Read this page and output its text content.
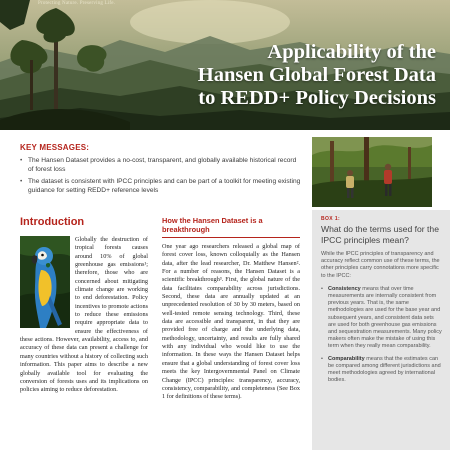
Protecting Nature. Preserving Life.
Applicability of the
Hansen Global Forest Data
to REDD+ Policy Decisions
KEY MESSAGES:
• The Hansen Dataset provides a no-cost, transparent, and globally available historical record of forest loss
• The dataset is consistent with IPCC principles and can be part of a toolkit for meeting existing guidance for setting REDD+ reference levels
Introduction

Globally the destruction of tropical forests causes around 10% of global greenhouse gas emissions¹; therefore, those who are concerned about mitigating climate change are working to end deforestation. Policy incentives to promote actions to reduce these emissions require appropriate data to ensure the effectiveness of these actions. However, availability, access to, and accuracy of these data can present a challenge for many countries without a history of collecting such information. This paper aims to describe a new globally available tool for evaluating the conversion of forests uses and its implications on policies aiming to reduce deforestation.

How the Hansen Dataset is a breakthrough

One year ago researchers released a global map of forest cover loss, known colloquially as the Hansen data, after the lead researcher, Dr. Matthew Hansen². For a number of reasons, the Hansen Dataset is a scientific breakthrough³. First, the global nature of the data facilitates comparability across jurisdictions. Second, these data are annually updated at an unprecedented resolution of 30 by 30 meters, based on well-tested remote sensing technology. Third, these data are accessible and transparent, in that they are provided free of charge and the underlying data, methodology, uncertainty, and results are fully shared with any individual who would like to use the information. In these ways the Hansen Dataset helps ensure that a global understanding of forest cover loss meets the key Intergovernmental Panel on Climate Change (IPCC) principles: transparency, accuracy, consistency, comparability, and completeness (See Box 1 for definitions of these terms).

BOX 1:
What do the terms used for the IPCC principles mean?

While the IPCC principles of transparency and accuracy reflect common use of these terms, the other principles carry connotations more specific to the IPCC:

• Consistency means that over time measurements are internally consistent from previous years. That is, the same methodologies are used for the base year and subsequent years, and consistent data sets are used for both greenhouse gas emissions and sequestration measurements. Many policy makers often make the mistake of using this term when they really mean comparability.
• Comparability means that the estimates can be compared among different jurisdictions and meet methodologies agreed by international bodies.
